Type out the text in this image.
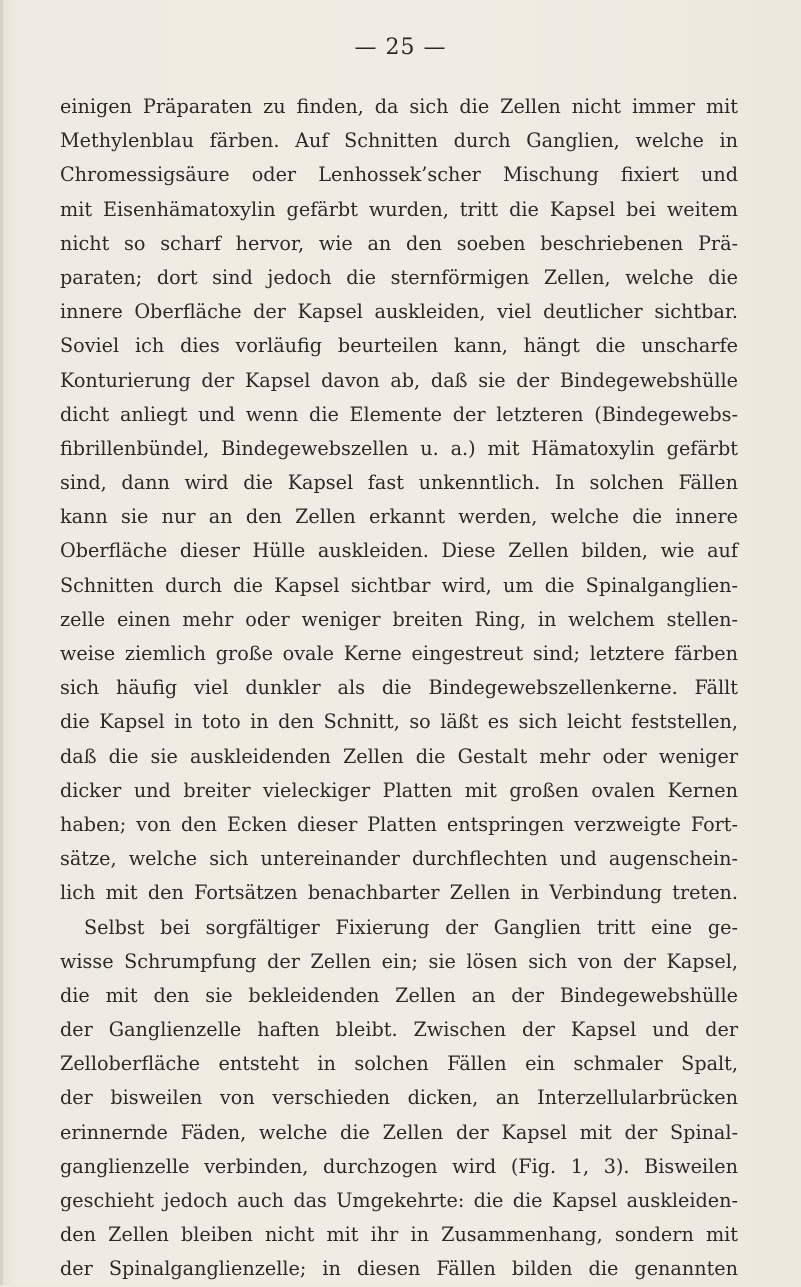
— 25 —
einigen Präparaten zu finden, da sich die Zellen nicht immer mit
Methylenblau färben. Auf Schnitten durch Ganglien, welche in
Chromessigsäure oder Lenhossek’scher Mischung fixiert und
mit Eisenhämatoxylin gefärbt wurden, tritt die Kapsel bei weitem
nicht so scharf hervor, wie an den soeben beschriebenen Prä-
paraten; dort sind jedoch die sternförmigen Zellen, welche die
innere Oberfläche der Kapsel auskleiden, viel deutlicher sichtbar.
Soviel ich dies vorläufig beurteilen kann, hängt die unscharfe
Konturierung der Kapsel davon ab, daß sie der Bindegewebshülle
dicht anliegt und wenn die Elemente der letzteren (Bindegewebs-
fibrillenbündel, Bindegewebszellen u. a.) mit Hämatoxylin gefärbt
sind, dann wird die Kapsel fast unkenntlich. In solchen Fällen
kann sie nur an den Zellen erkannt werden, welche die innere
Oberfläche dieser Hülle auskleiden. Diese Zellen bilden, wie auf
Schnitten durch die Kapsel sichtbar wird, um die Spinalganglien-
zelle einen mehr oder weniger breiten Ring, in welchem stellen-
weise ziemlich große ovale Kerne eingestreut sind; letztere färben
sich häufig viel dunkler als die Bindegewebszellenkerne. Fällt
die Kapsel in toto in den Schnitt, so läßt es sich leicht feststellen,
daß die sie auskleidenden Zellen die Gestalt mehr oder weniger
dicker und breiter vieleckiger Platten mit großen ovalen Kernen
haben; von den Ecken dieser Platten entspringen verzweigte Fort-
sätze, welche sich untereinander durchflechten und augenschein-
lich mit den Fortsätzen benachbarter Zellen in Verbindung treten.
Selbst bei sorgfältiger Fixierung der Ganglien tritt eine ge-
wisse Schrumpfung der Zellen ein; sie lösen sich von der Kapsel,
die mit den sie bekleidenden Zellen an der Bindegewebshülle
der Ganglienzelle haften bleibt. Zwischen der Kapsel und der
Zelloberfläche entsteht in solchen Fällen ein schmaler Spalt,
der bisweilen von verschieden dicken, an Interzellularbrücken
erinnernde Fäden, welche die Zellen der Kapsel mit der Spinal-
ganglienzelle verbinden, durchzogen wird (Fig. 1, 3). Bisweilen
geschieht jedoch auch das Umgekehrte: die die Kapsel auskleiden-
den Zellen bleiben nicht mit ihr in Zusammenhang, sondern mit
der Spinalganglienzelle; in diesen Fällen bilden die genannten
